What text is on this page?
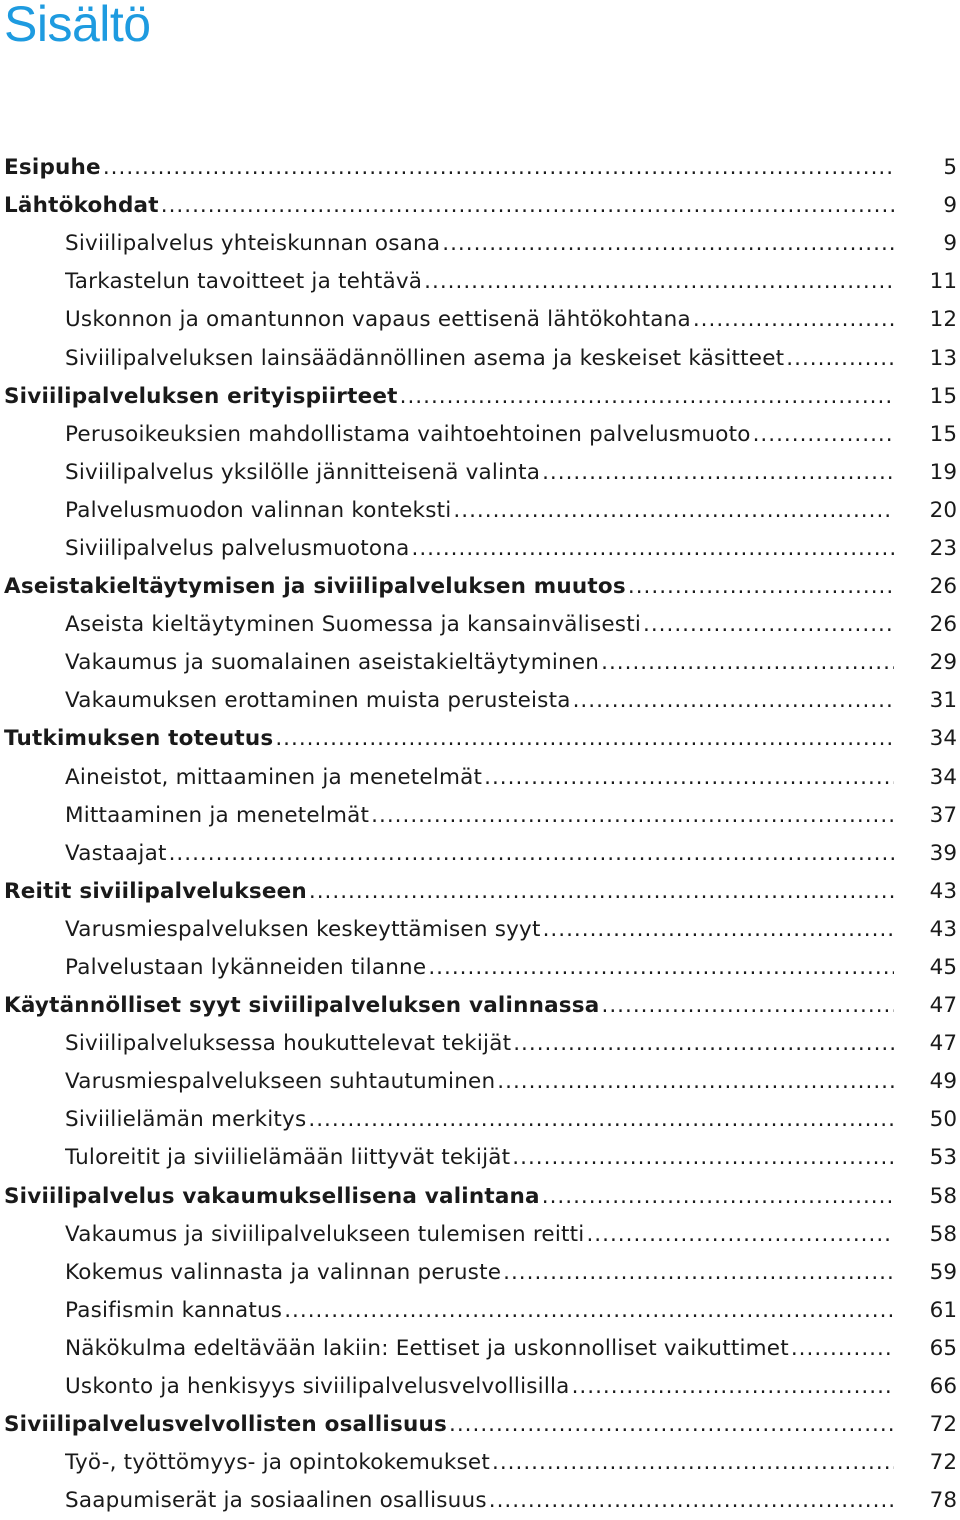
Sisältö
Esipuhe .....	5
Lähtökohdat .....	9
Siviilipalvelus yhteiskunnan osana .....	9
Tarkastelun tavoitteet ja tehtävä .....	11
Uskonnon ja omantunnon vapaus eettisenä lähtökohtana .....	12
Siviilipalveluksen lainsäädännöllinen asema ja keskeiset käsitteet .....	13
Siviilipalveluksen erityispiirteet .....	15
Perusoikeuksien mahdollistama vaihtoehtoinen palvelusmuoto .....	15
Siviilipalvelus yksilölle jännitteisenä valinta .....	19
Palvelusmuodon valinnan konteksti .....	20
Siviilipalvelus palvelusmuotona .....	23
Aseistakieltäytymisen ja siviilipalveluksen muutos .....	26
Aseista kieltäytyminen Suomessa ja kansainvälisesti .....	26
Vakaumus ja suomalainen aseistakieltäytyminen .....	29
Vakaumuksen erottaminen muista perusteista .....	31
Tutkimuksen toteutus .....	34
Aineistot, mittaaminen ja menetelmät .....	34
Mittaaminen ja menetelmät .....	37
Vastaajat .....	39
Reitit siviilipalvelukseen .....	43
Varusmiespalveluksen keskeyttämisen syyt .....	43
Palvelustaan lykänneiden tilanne .....	45
Käytännölliset syyt siviilipalveluksen valinnassa .....	47
Siviilipalveluksessa houkuttelevat tekijät .....	47
Varusmiespalvelukseen suhtautuminen .....	49
Siviilielämän merkitys .....	50
Tuloreitit ja siviilielämään liittyvät tekijät .....	53
Siviilipalvelus vakaumuksellisena valintana .....	58
Vakaumus ja siviilipalvelukseen tulemisen reitti .....	58
Kokemus valinnasta ja valinnan peruste .....	59
Pasifismin kannatus .....	61
Näkökulma edeltävään lakiin: Eettiset ja uskonnolliset vaikuttimet .....	65
Uskonto ja henkisyys siviilipalvelusvelvollisilla .....	66
Siviilipalvelusvelvollisten osallisuus .....	72
Työ-, työttömyys- ja opintokokemukset .....	72
Saapumiserät ja sosiaalinen osallisuus .....	78
